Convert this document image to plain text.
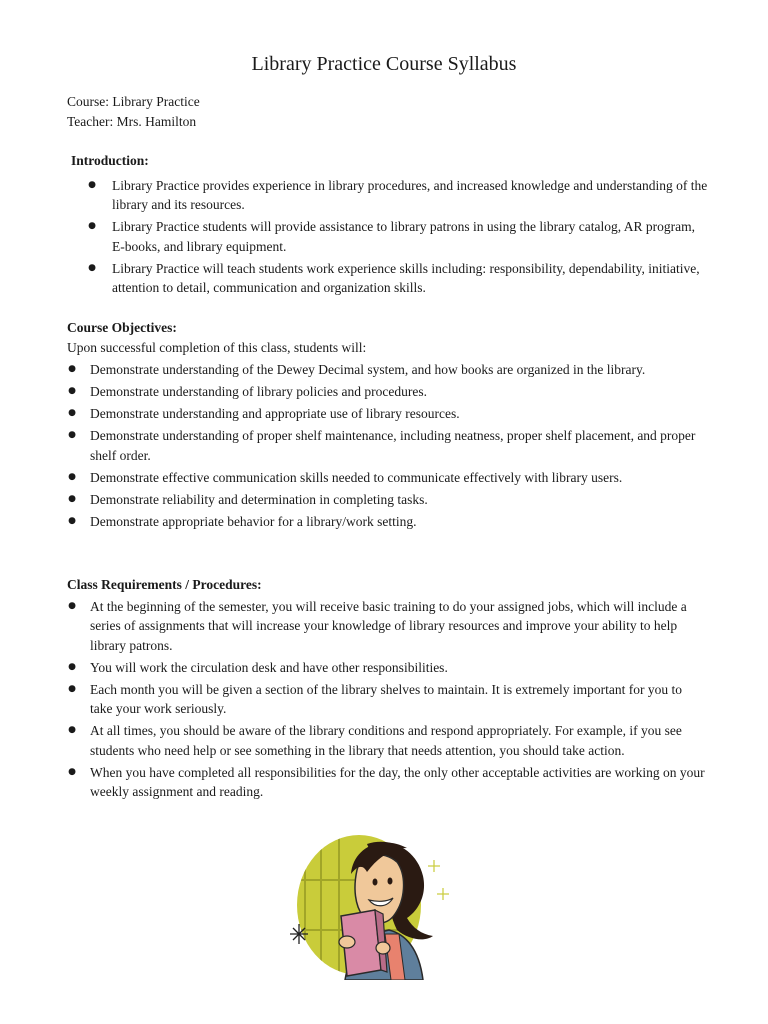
Library Practice Course Syllabus
Course: Library Practice
Teacher: Mrs. Hamilton

Introduction:

● Library Practice provides experience in library procedures, and increased knowledge and understanding of the library and its resources.
● Library Practice students will provide assistance to library patrons in using the library catalog, AR program, E-books, and library equipment.
● Library Practice will teach students work experience skills including: responsibility, dependability, initiative, attention to detail, communication and organization skills.

Course Objectives:

Upon successful completion of this class, students will:

● Demonstrate understanding of the Dewey Decimal system, and how books are organized in the library.
● Demonstrate understanding of library policies and procedures.
● Demonstrate understanding and appropriate use of library resources.
● Demonstrate understanding of proper shelf maintenance, including neatness, proper shelf placement, and proper shelf order.
● Demonstrate effective communication skills needed to communicate effectively with library users.
● Demonstrate reliability and determination in completing tasks.
● Demonstrate appropriate behavior for a library/work setting.

Class Requirements / Procedures:

● At the beginning of the semester, you will receive basic training to do your assigned jobs, which will include a series of assignments that will increase your knowledge of library resources and improve your ability to help library patrons.
● You will work the circulation desk and have other responsibilities.
● Each month you will be given a section of the library shelves to maintain. It is extremely important for you to take your work seriously.
● At all times, you should be aware of the library conditions and respond appropriately. For example, if you see students who need help or see something in the library that needs attention, you should take action.
● When you have completed all responsibilities for the day, the only other acceptable activities are working on your weekly assignment and reading.
